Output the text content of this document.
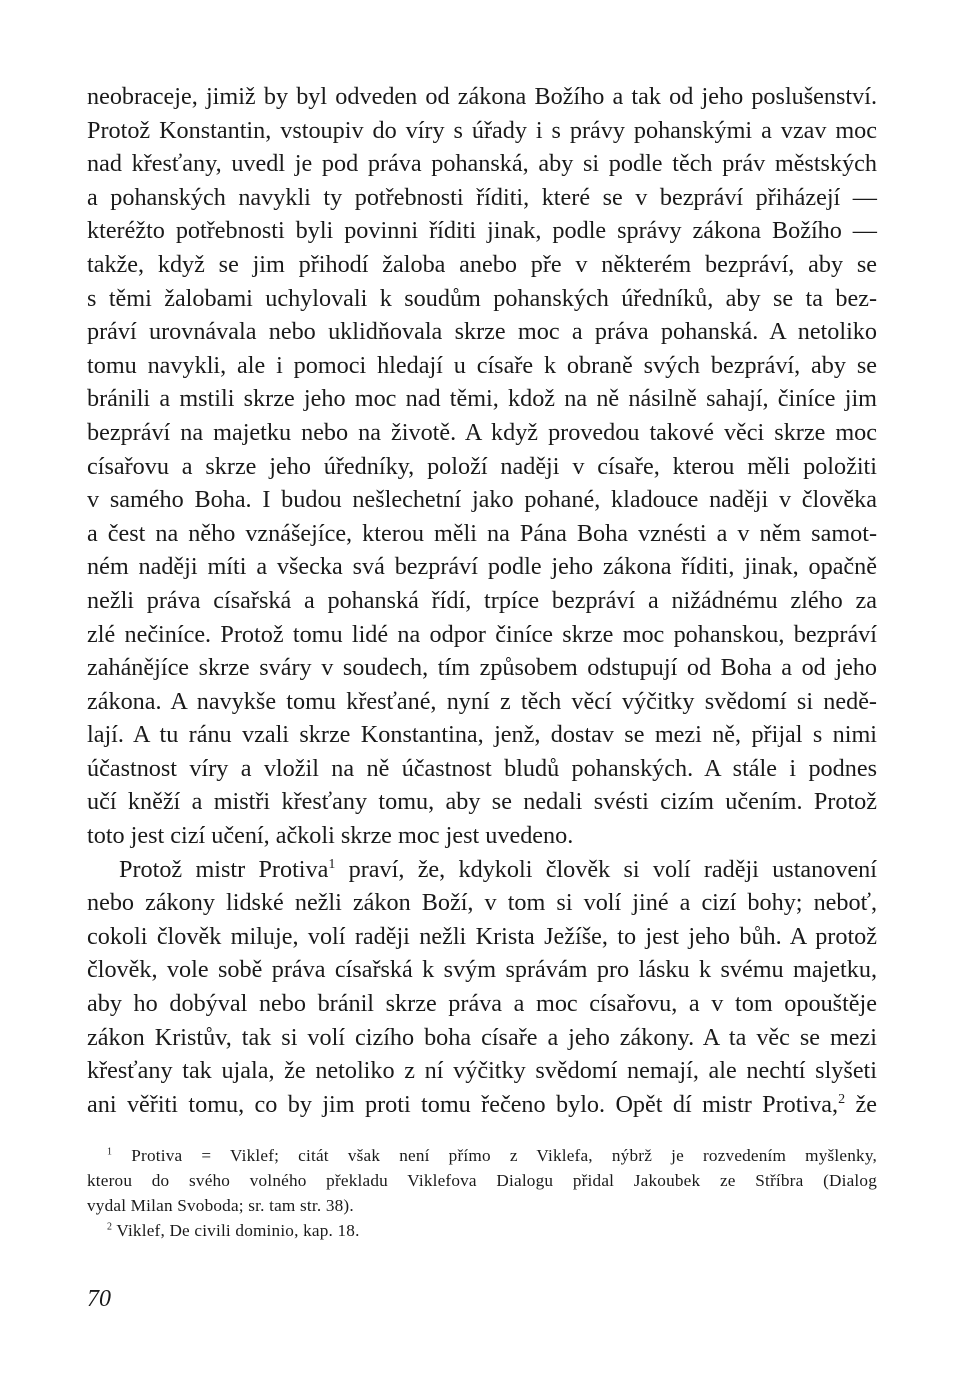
neobraceje, jimiž by byl odveden od zákona Božího a tak od jeho poslušenství.
Protož Konstantin, vstoupiv do víry s úřady i s právy pohanskými a vzav moc
nad křesťany, uvedl je pod práva pohanská, aby si podle těch práv městských
a pohanských navykli ty potřebnosti říditi, které se v bezpráví přiházejí —
kteréžto potřebnosti byli povinni říditi jinak, podle správy zákona Božího —
takže, když se jim přihodí žaloba anebo pře v některém bezpráví, aby se
s těmi žalobami uchylovali k soudům pohanských úředníků, aby se ta bez-
práví urovnávala nebo uklidňovala skrze moc a práva pohanská. A netoliko
tomu navykli, ale i pomoci hledají u císaře k obraně svých bezpráví, aby se
bránili a mstili skrze jeho moc nad těmi, kdož na ně násilně sahají, činíce jim
bezpráví na majetku nebo na životě. A když provedou takové věci skrze moc
císařovu a skrze jeho úředníky, položí naději v císaře, kterou měli položiti
v samého Boha. I budou nešlechetní jako pohané, kladouce naději v člověka
a čest na něho vznášejíce, kterou měli na Pána Boha vznésti a v něm samot-
ném naději míti a všecka svá bezpráví podle jeho zákona říditi, jinak, opačně
nežli práva císařská a pohanská řídí, trpíce bezpráví a nižádnému zlého za
zlé nečiníce. Protož tomu lidé na odpor činíce skrze moc pohanskou, bezpráví
zahánějíce skrze sváry v soudech, tím způsobem odstupují od Boha a od jeho
zákona. A navykše tomu křesťané, nyní z těch věcí výčitky svědomí si nedě-
lají. A tu ránu vzali skrze Konstantina, jenž, dostav se mezi ně, přijal s nimi
účastnost víry a vložil na ně účastnost bludů pohanských. A stále i podnes
učí kněží a mistři křesťany tomu, aby se nedali svésti cizím učením. Protož
toto jest cizí učení, ačkoli skrze moc jest uvedeno.
Protož mistr Protiva$^1$ praví, že, kdykoli člověk si volí raději ustanovení
nebo zákony lidské nežli zákon Boží, v tom si volí jiné a cizí bohy; neboť,
cokoli člověk miluje, volí raději nežli Krista Ježíše, to jest jeho bůh. A protož
člověk, vole sobě práva císařská k svým správám pro lásku k svému majetku,
aby ho dobýval nebo bránil skrze práva a moc císařovu, a v tom opouštěje
zákon Kristův, tak si volí cizího boha císaře a jeho zákony. A ta věc se mezi
křesťany tak ujala, že netoliko z ní výčitky svědomí nemají, ale nechtí slyšeti
ani věřiti tomu, co by jim proti tomu řečeno bylo. Opět dí mistr Protiva,$^2$ že
$^1$ Protiva = Viklef; citát však není přímo z Viklefa, nýbrž je rozvedením myšlenky,
kterou do svého volného překladu Viklefova Dialogu přidal Jakoubek ze Stříbra (Dialog
vydal Milan Svoboda; sr. tam str. 38).
$^2$ Viklef, De civili dominio, kap. 18.
70
